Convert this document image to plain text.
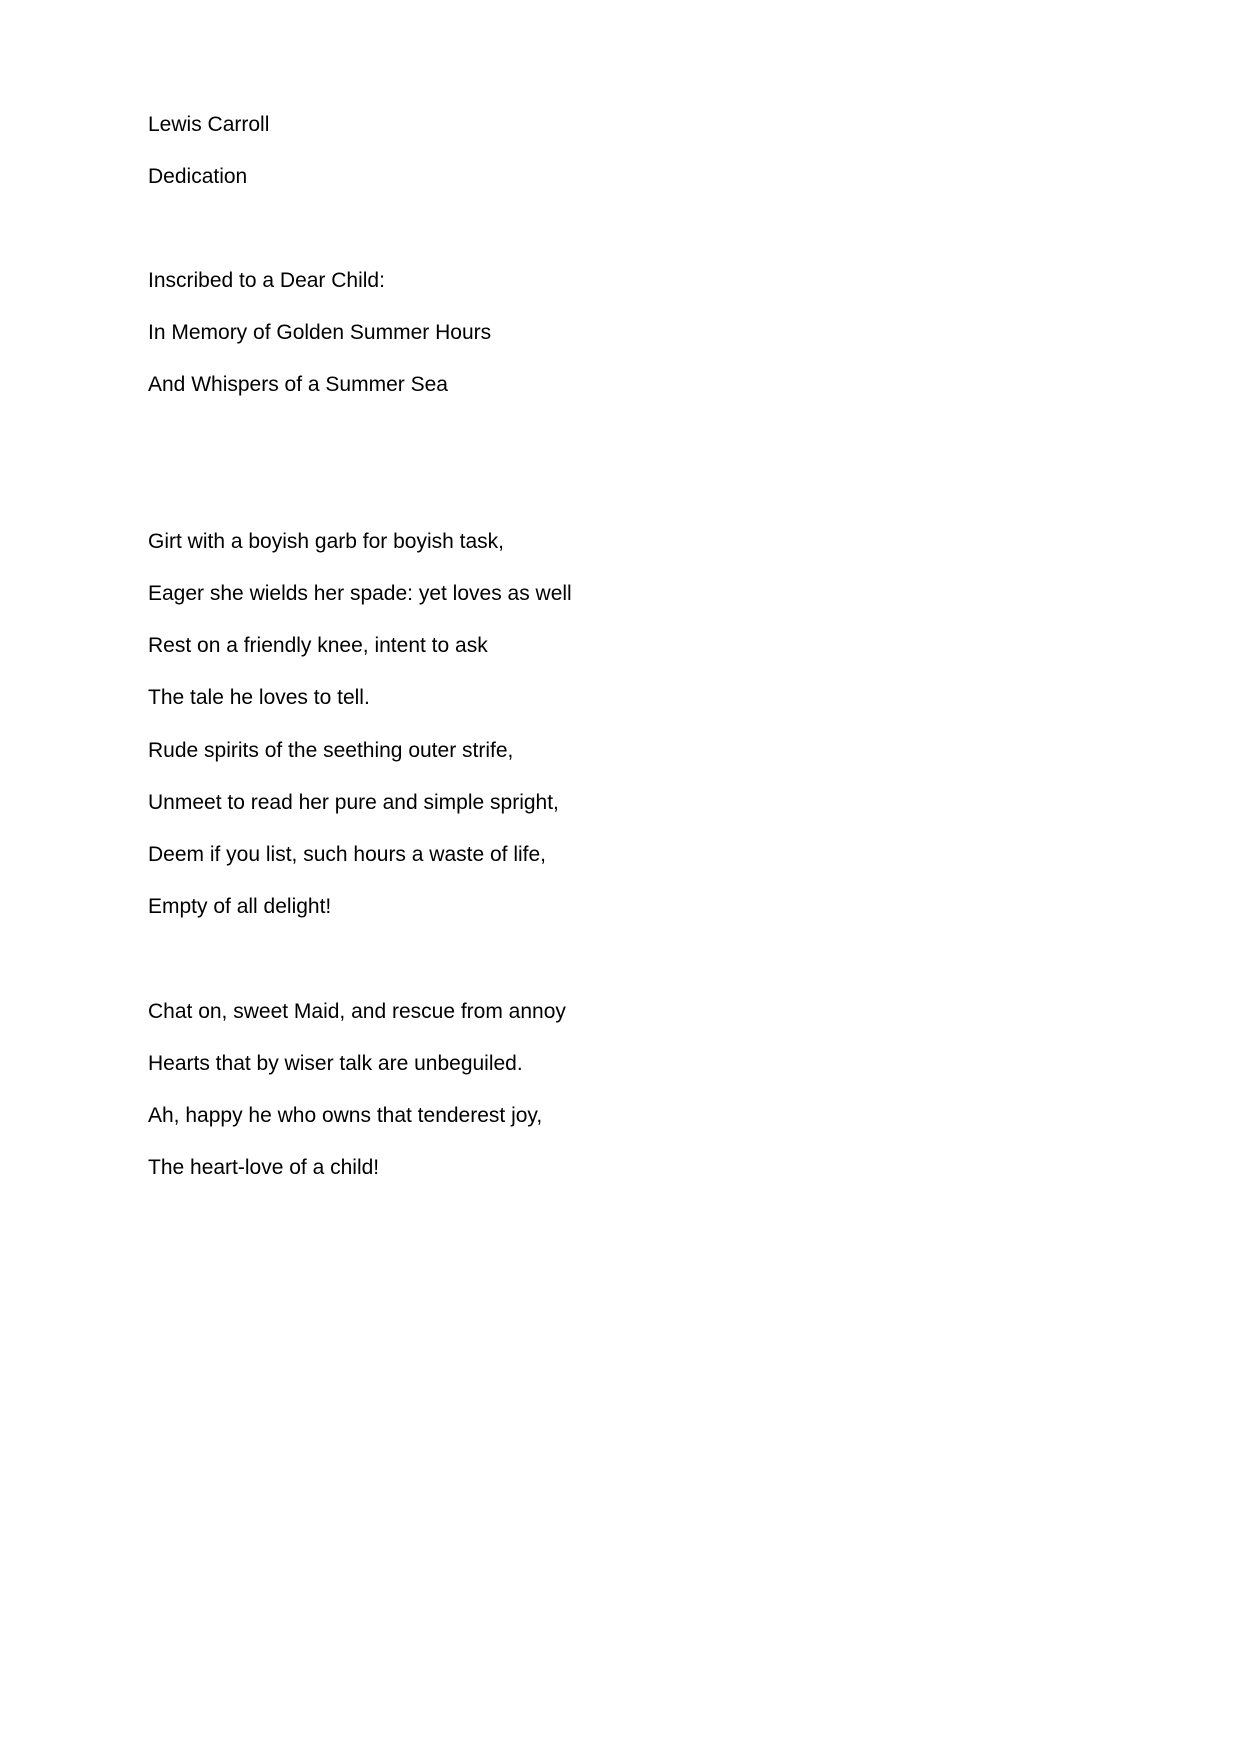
Lewis Carroll
Dedication
Inscribed to a Dear Child:
In Memory of Golden Summer Hours
And Whispers of a Summer Sea
Girt with a boyish garb for boyish task,
Eager she wields her spade: yet loves as well
Rest on a friendly knee, intent to ask
The tale he loves to tell.
Rude spirits of the seething outer strife,
Unmeet to read her pure and simple spright,
Deem if you list, such hours a waste of life,
Empty of all delight!
Chat on, sweet Maid, and rescue from annoy
Hearts that by wiser talk are unbeguiled.
Ah, happy he who owns that tenderest joy,
The heart-love of a child!
